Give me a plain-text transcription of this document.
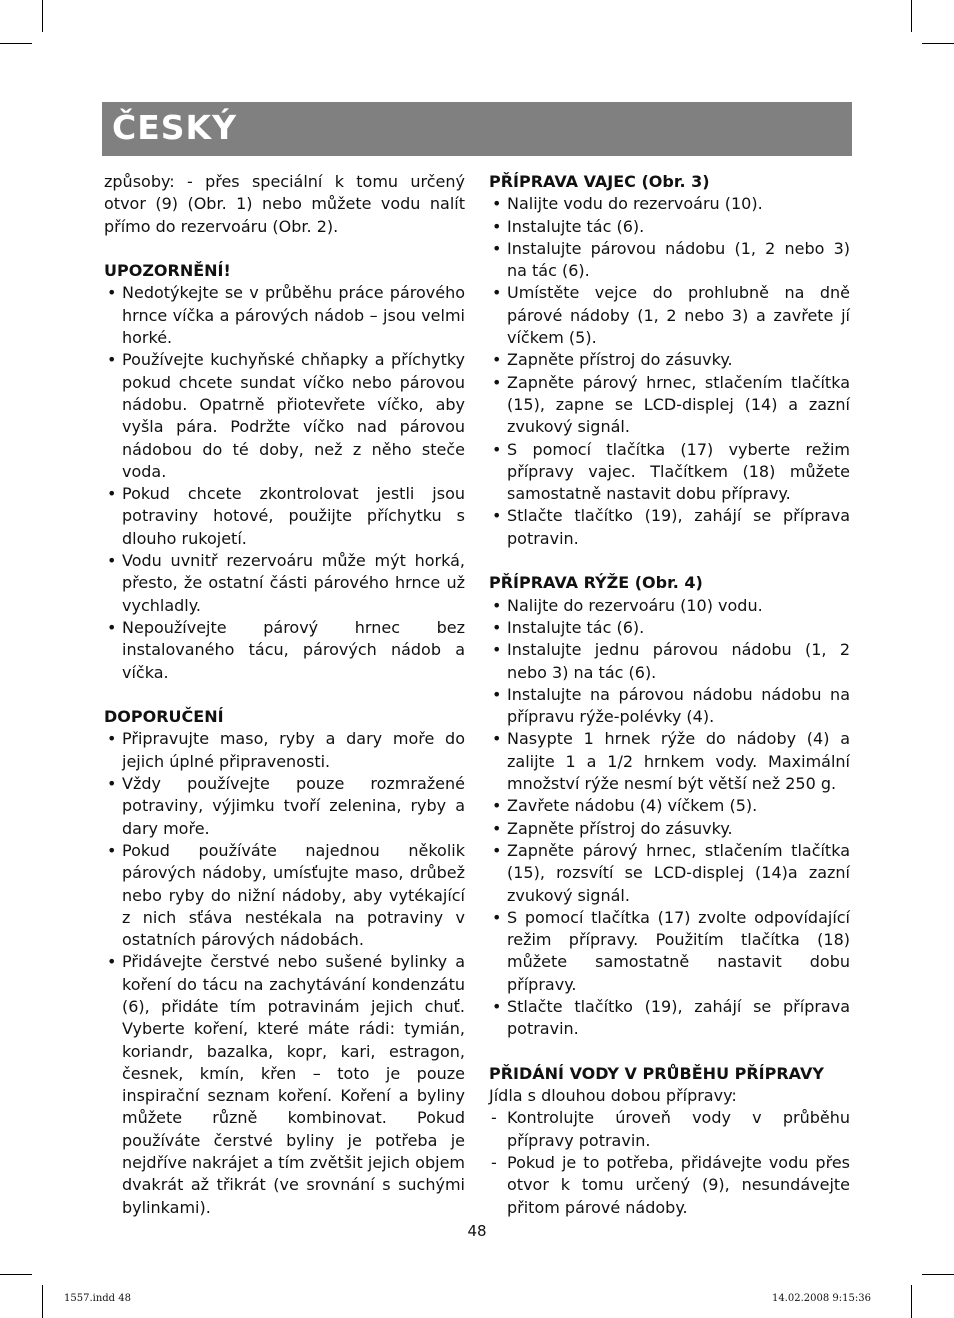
ČESKÝ

způsoby: - přes speciální k tomu určený otvor (9) (Obr. 1) nebo můžete vodu nalít přímo do rezervoáru (Obr. 2).

UPOZORNĚNÍ!

• Nedotýkejte se v průběhu práce párového hrnce víčka a párových nádob – jsou velmi horké.
• Používejte kuchyňské chňapky a příchytky pokud chcete sundat víčko nebo párovou nádobu. Opatrně přiotevřete víčko, aby vyšla pára. Podržte víčko nad párovou nádobou do té doby, než z něho steče voda.
• Pokud chcete zkontrolovat jestli jsou potraviny hotové, použijte příchytku s dlouho rukojetí.
• Vodu uvnitř rezervoáru může mýt horká, přesto, že ostatní části párového hrnce už vychladly.
• Nepoužívejte párový hrnec bez instalovaného tácu, párových nádob a víčka.

DOPORUČENÍ

• Připravujte maso, ryby a dary moře do jejich úplné připravenosti.
• Vždy používejte pouze rozmražené potraviny, výjimku tvoří zelenina, ryby a dary moře.
• Pokud používáte najednou několik párových nádoby, umísťujte maso, drůbež nebo ryby do nižní nádoby, aby vytékající z nich sťáva nestékala na potraviny v ostatních párových nádobách.
• Přidávejte čerstvé nebo sušené bylinky a koření do tácu na zachytávání kondenzátu (6), přidáte tím potravinám jejich chuť. Vyberte koření, které máte rádi: tymián, koriandr, bazalka, kopr, kari, estragon, česnek, kmín, křen – toto je pouze inspirační seznam koření. Koření a byliny můžete různě kombinovat. Pokud používáte čerstvé byliny je potřeba je nejdříve nakrájet a tím zvětšit jejich objem dvakrát až třikrát (ve srovnání s suchými bylinkami).

PŘÍPRAVA VAJEC (Obr. 3)

• Nalijte vodu do rezervoáru (10).
• Instalujte tác (6).
• Instalujte párovou nádobu (1, 2 nebo 3) na tác (6).
• Umístěte vejce do prohlubně na dně párové nádoby (1, 2 nebo 3) a zavřete jí víčkem (5).
• Zapněte přístroj do zásuvky.
• Zapněte párový hrnec, stlačením tlačítka (15), zapne se LCD-displej (14) a zazní zvukový signál.
• S pomocí tlačítka (17) vyberte režim přípravy vajec. Tlačítkem (18) můžete samostatně nastavit dobu přípravy.
• Stlačte tlačítko (19), zahájí se příprava potravin.

PŘÍPRAVA RÝŽE (Obr. 4)

• Nalijte do rezervoáru (10) vodu.
• Instalujte tác (6).
• Instalujte jednu párovou nádobu (1, 2 nebo 3) na tác (6).
• Instalujte na párovou nádobu nádobu na přípravu rýže-polévky (4).
• Nasypte 1 hrnek rýže do nádoby (4) a zalijte 1 a 1/2 hrnkem vody. Maximální množství rýže nesmí být větší než 250 g.
• Zavřete nádobu (4) víčkem (5).
• Zapněte přístroj do zásuvky.
• Zapněte párový hrnec, stlačením tlačítka (15), rozsvítí se LCD-displej (14)a zazní zvukový signál.
• S pomocí tlačítka (17) zvolte odpovídající režim přípravy. Použitím tlačítka (18) můžete samostatně nastavit dobu přípravy.
• Stlačte tlačítko (19), zahájí se příprava potravin.

PŘIDÁNÍ VODY V PRŮBĚHU PŘÍPRAVY

Jídla s dlouhou dobou přípravy:

- Kontrolujte úroveň vody v průběhu přípravy potravin.
- Pokud je to potřeba, přidávejte vodu přes otvor k tomu určený (9), nesundávejte přitom párové nádoby.
48
1557.indd 48	14.02.2008 9:15:36
